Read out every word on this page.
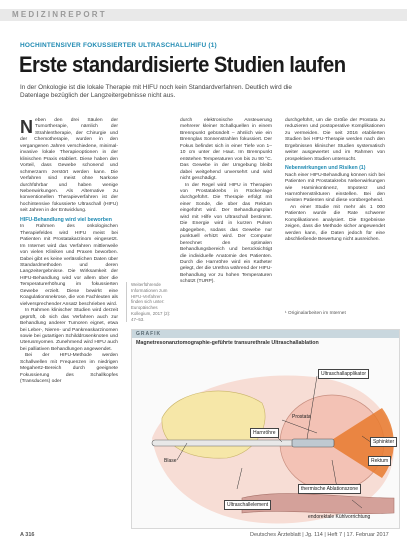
MEDIZINREPORT
HOCHINTENSIVER FOKUSSIERTER ULTRASCHALL/HIFU (1)
Erste standardisierte Studien laufen
In der Onkologie ist die lokale Therapie mit HIFU noch kein Standardverfahren. Deutlich wird die Datenlage bezüglich der Langzeitergebnisse nicht aus.

Neben den drei Säulen der Tumortherapie, nämlich der Strahlentherapie, der Chirurgie und der Chemotherapie, wurden in den vergangenen Jahren verschiedene, minimal-invasive lokale Therapieoptionen in der klinischen Praxis etabliert. Diese haben den Vorteil, dass Gewebe schonend und schmerzarm zerstört werden kann. Die Verfahren sind meist ohne Narkose durchführbar und haben wenige Nebenwirkungen. Als Alternative zu konventionellen Therapieverfahren ist der hochintensive fokussierte Ultraschall (HIFU) seit Jahren in der Entwicklung.

HIFU-Behandlung wird viel beworben

In Rahmen des onkologischen Therapiefeldes wird HIFU meist bei Patienten mit Prostatakarzinom eingesetzt. Im Internet wird das Verfahren mittlerweile von vielen Kliniken und Praxen beworben. Dabei gibt es keine verlässlichen Daten über Standardmethoden und deren Langzeitergebnisse. Die Wirksamkeit der HIFU-Behandlung wird vor allem über die Temperaturerhöhung im fokussierten Gewebe erzielt. Diese bewirkt eine Koagulationsnekrose, die von Fachleuten als vielversprechender Ansatz beschrieben wird.

In Rahmen klinischer Studien wird derzeit geprüft, ob sich das Verfahren auch zur Behandlung anderer Tumoren eignet, etwa bei Leber-, Nieren- und Pankreaskarzinomen sowie bei gutartigen Schilddrüsenknoten und Uterusmyomen. Zunehmend wird HIFU auch bei palliativen Behandlungen angewendet.

Bei der HIFU-Methode werden Schallwellen mit Frequenzen im niedrigen Megahertz-Bereich durch geeignete Fokussierung des Schallkopfes (Transducers) oder

durch elektronische Ansteuerung mehrerer kleiner Schallquellen in einem Brennpunkt gebündelt – ähnlich wie ein Brennglas Sonnenstrahlen fokussiert. Der Fokus befindet sich in einer Tiefe von 1–10 cm unter der Haut. Im Brennpunkt entstehen Temperaturen von bis zu 90 °C. Das Gewebe in der Umgebung bleibt dabei weitgehend unversehrt und wird nicht geschädigt.

In der Regel wird HIFU in Therapien von Prostatakrebs in Rückenlage durchgeführt. Die Therapie erfolgt mit einer Sonde, die über das Rektum eingeführt wird. Der Behandlungsplan wird mit Hilfe von Ultraschall bestimmt. Die Energie wird in kurzen Pulsen abgegeben, sodass das Gewebe nur punktuell erhitzt wird. Der Computer berechnet den optimalen Behandlungsbereich und berücksichtigt die individuelle Anatomie des Patienten. Durch die Harnröhre wird ein Katheter gelegt, der die Urethra während der HIFU-Behandlung vor zu hohen Temperaturen schützt (TURP).

Weiterführende Informationen zum HIFU-Verfahren finden sich unter: Europäisches Kollegium, 2017 (2): 47–53.

durchgeführt, um die Größe der Prostata zu reduzieren und postoperative Komplikationen zu vermeiden. Die seit 2016 etablierten Studien bei HIFU-Therapie werden nach den Ergebnissen klinischer Studien systematisch weiter ausgewertet und im Rahmen von prospektiven Studien untersucht.

Nebenwirkungen und Risiken (1)

Nach einer HIFU-Behandlung können sich bei Patienten mit Prostatakrebs Nebenwirkungen wie Harninkontinenz, Impotenz und Harnröhrenstrikturen einstellen. Bei den meisten Patienten sind diese vorübergehend.

An einer Studie mit mehr als 1 000 Patienten wurde die Rate schwerer Komplikationen analysiert. Die Ergebnisse zeigen, dass die Methode sicher angewendet werden kann, die Daten jedoch für eine abschließende Bewertung nicht ausreichen.

¹ Originalarbeiten im Internet
GRAFIK
Magnetresonanztomographie-geführte transurethrale Ultraschallablation
Ultraschallapplikator
Prostata
Harnröhre
Blase
Sphinkter
Rektum
Ultraschallelement
thermische Ablationszone
endorektale Kühlvorrichtung
A 316	Deutsches Ärzteblatt | Jg. 114 | Heft 7 | 17. Februar 2017
